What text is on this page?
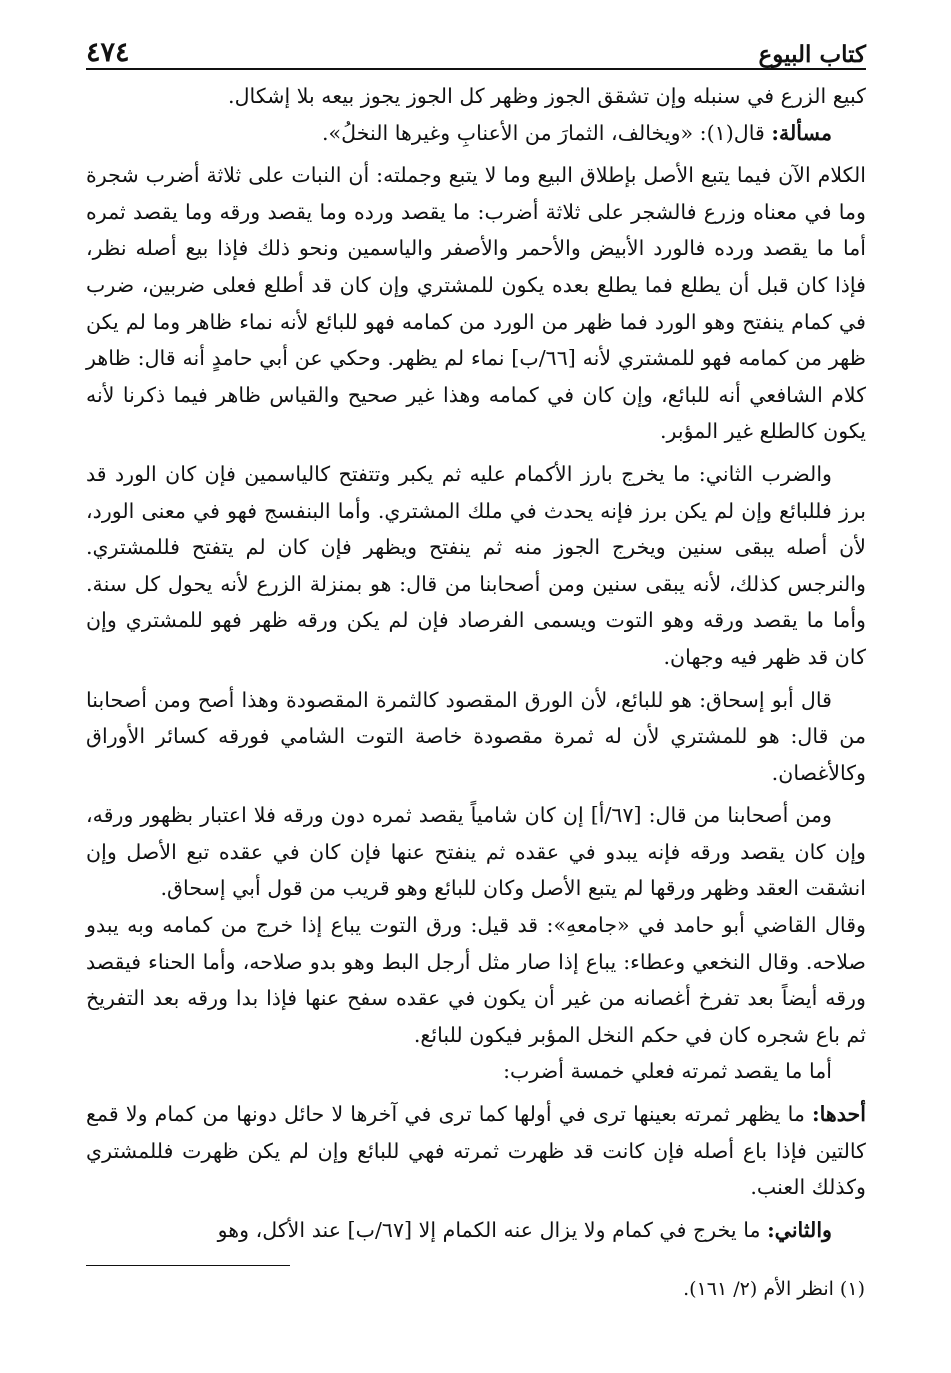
كتاب البيوع
٤٧٤

كبيع الزرع في سنبله وإن تشقق الجوز وظهر كل الجوز يجوز بيعه بلا إشكال.

مسألة: قال(١): «ويخالف، الثمارَ من الأعنابِ وغيرها النخلُ».

الكلام الآن فيما يتبع الأصل بإطلاق البيع وما لا يتبع وجملته: أن النبات على ثلاثة أضرب شجرة وما في معناه وزرع فالشجر على ثلاثة أضرب: ما يقصد ورده وما يقصد ورقه وما يقصد ثمره أما ما يقصد ورده فالورد الأبيض والأحمر والأصفر والياسمين ونحو ذلك فإذا بيع أصله نظر، فإذا كان قبل أن يطلع فما يطلع بعده يكون للمشتري وإن كان قد أطلع فعلى ضربين، ضرب في كمام ينفتح وهو الورد فما ظهر من الورد من كمامه فهو للبائع لأنه نماء ظاهر وما لم يكن ظهر من كمامه فهو للمشتري لأنه [٦٦/ب] نماء لم يظهر. وحكي عن أبي حامدٍ أنه قال: ظاهر كلام الشافعي أنه للبائع، وإن كان في كمامه وهذا غير صحيح والقياس ظاهر فيما ذكرنا لأنه يكون كالطلع غير المؤبر.

والضرب الثاني: ما يخرج بارز الأكمام عليه ثم يكبر وتتفتح كالياسمين فإن كان الورد قد برز فللبائع وإن لم يكن برز فإنه يحدث في ملك المشتري. وأما البنفسج فهو في معنى الورد، لأن أصله يبقى سنين ويخرج الجوز منه ثم ينفتح ويظهر فإن كان لم يتفتح فللمشتري. والنرجس كذلك، لأنه يبقى سنين ومن أصحابنا من قال: هو بمنزلة الزرع لأنه يحول كل سنة. وأما ما يقصد ورقه وهو التوت ويسمى الفرصاد فإن لم يكن ورقه ظهر فهو للمشتري وإن كان قد ظهر فيه وجهان.

قال أبو إسحاق: هو للبائع، لأن الورق المقصود كالثمرة المقصودة وهذا أصح ومن أصحابنا من قال: هو للمشتري لأن له ثمرة مقصودة خاصة التوت الشامي فورقه كسائر الأوراق وكالأغصان.

ومن أصحابنا من قال: [٦٧/أ] إن كان شامياً يقصد ثمره دون ورقه فلا اعتبار بظهور ورقه، وإن كان يقصد ورقه فإنه يبدو في عقده ثم ينفتح عنها فإن كان في عقده تبع الأصل وإن انشقت العقد وظهر ورقها لم يتبع الأصل وكان للبائع وهو قريب من قول أبي إسحاق.

وقال القاضي أبو حامد في «جامعهِ»: قد قيل: ورق التوت يباع إذا خرج من كمامه وبه يبدو صلاحه. وقال النخعي وعطاء: يباع إذا صار مثل أرجل البط وهو بدو صلاحه، وأما الحناء فيقصد ورقه أيضاً بعد تفرخ أغصانه من غير أن يكون في عقده سفح عنها فإذا بدا ورقه بعد التفريخ ثم باع شجره كان في حكم النخل المؤبر فيكون للبائع.

أما ما يقصد ثمرته فعلي خمسة أضرب:

أحدها: ما يظهر ثمرته بعينها ترى في أولها كما ترى في آخرها لا حائل دونها من كمام ولا قمع كالتين فإذا باع أصله فإن كانت قد ظهرت ثمرته فهي للبائع وإن لم يكن ظهرت فللمشتري وكذلك العنب.

والثاني: ما يخرج في كمام ولا يزال عنه الكمام إلا [٦٧/ب] عند الأكل، وهو

(١) انظر الأم (٢/ ١٦١).
